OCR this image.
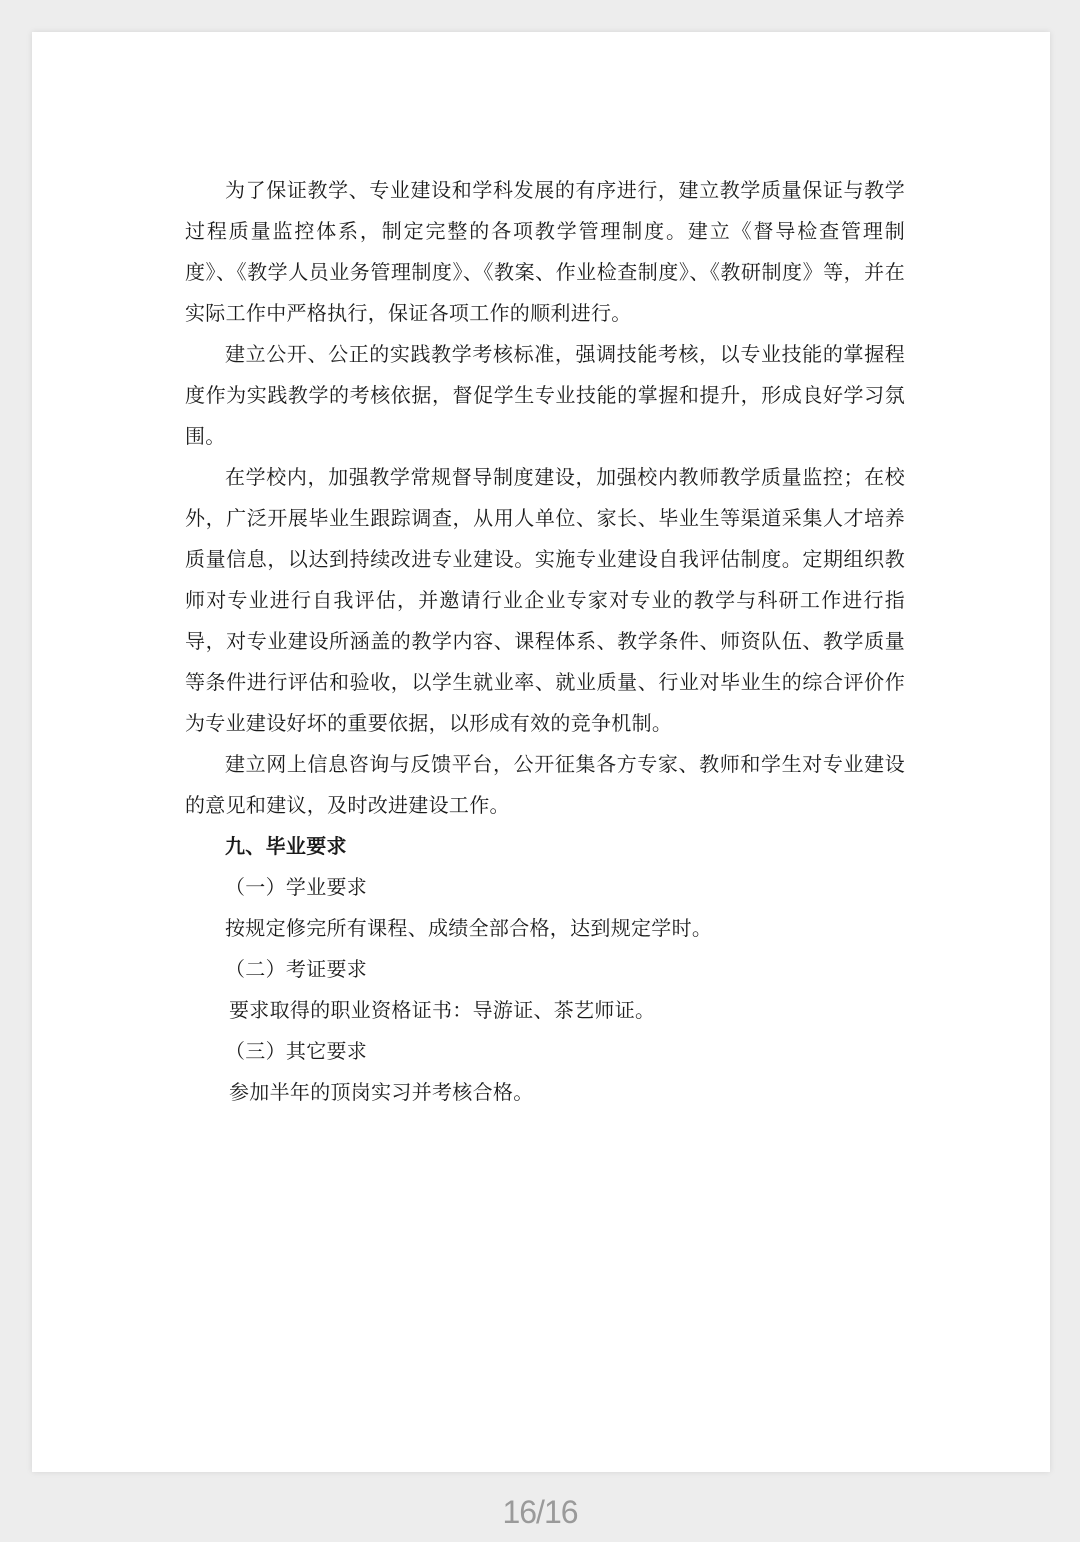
为了保证教学、专业建设和学科发展的有序进行，建立教学质量保证与教学过程质量监控体系，制定完整的各项教学管理制度。建立《督导检查管理制度》、《教学人员业务管理制度》、《教案、作业检查制度》、《教研制度》等，并在实际工作中严格执行，保证各项工作的顺利进行。

建立公开、公正的实践教学考核标准，强调技能考核，以专业技能的掌握程度作为实践教学的考核依据，督促学生专业技能的掌握和提升，形成良好学习氛围。

在学校内，加强教学常规督导制度建设，加强校内教师教学质量监控；在校外，广泛开展毕业生跟踪调查，从用人单位、家长、毕业生等渠道采集人才培养质量信息，以达到持续改进专业建设。实施专业建设自我评估制度。定期组织教师对专业进行自我评估，并邀请行业企业专家对专业的教学与科研工作进行指导，对专业建设所涵盖的教学内容、课程体系、教学条件、师资队伍、教学质量等条件进行评估和验收，以学生就业率、就业质量、行业对毕业生的综合评价作为专业建设好坏的重要依据，以形成有效的竞争机制。

建立网上信息咨询与反馈平台，公开征集各方专家、教师和学生对专业建设的意见和建议，及时改进建设工作。

九、毕业要求

（一）学业要求

按规定修完所有课程、成绩全部合格，达到规定学时。

（二）考证要求

要求取得的职业资格证书：导游证、茶艺师证。

（三）其它要求

参加半年的顶岗实习并考核合格。

16/16
